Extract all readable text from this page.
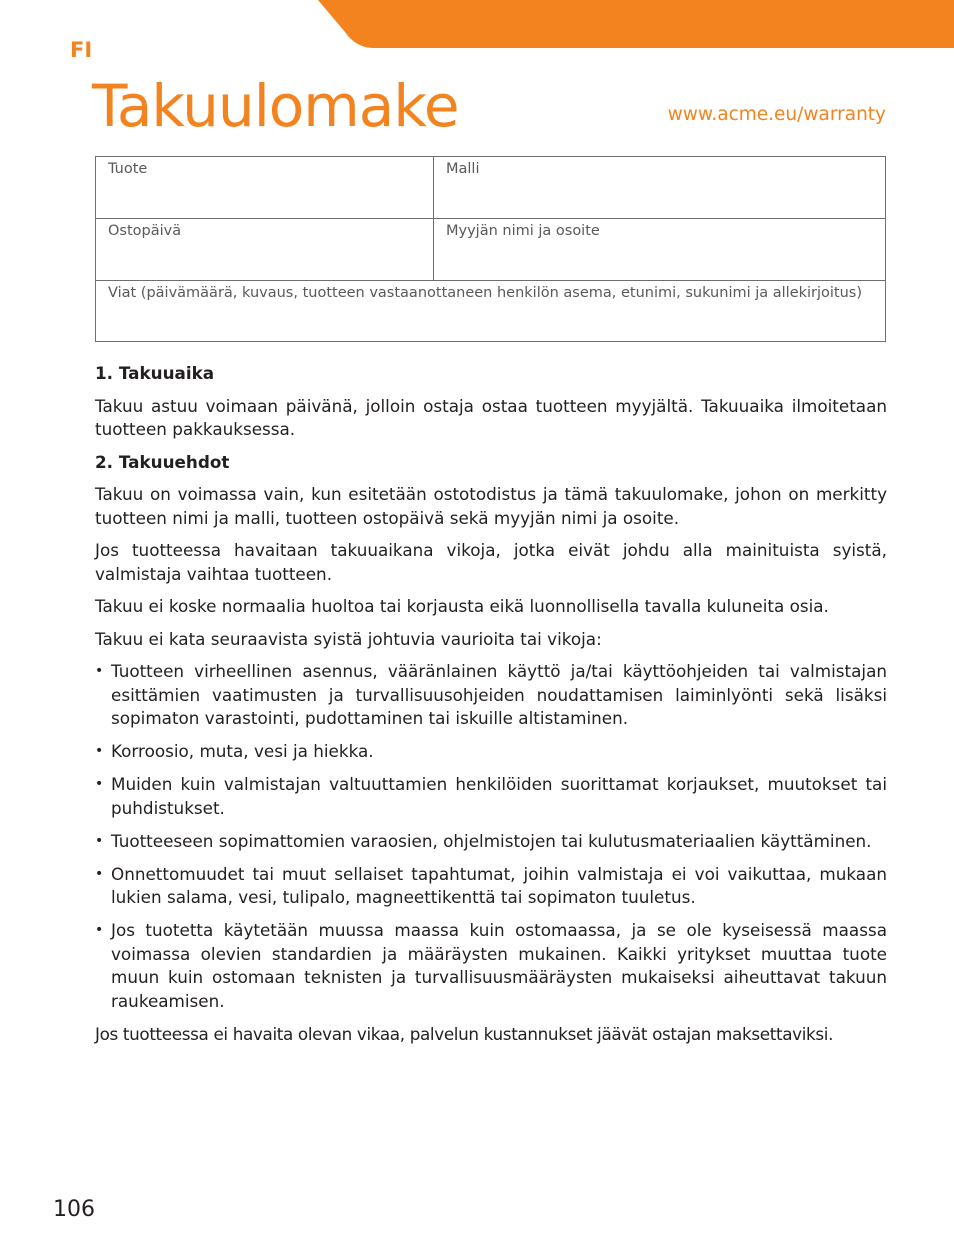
FI
Takuulomake	www.acme.eu/warranty
Tuote	Malli
Ostopäivä	Myyjän nimi ja osoite
Viat (päivämäärä, kuvaus, tuotteen vastaanottaneen henkilön asema, etunimi, sukunimi ja allekirjoitus)
1. Takuuaika

Takuu astuu voimaan päivänä, jolloin ostaja ostaa tuotteen myyjältä. Takuuaika ilmoitetaan tuotteen pakkauksessa.

2. Takuuehdot

Takuu on voimassa vain, kun esitetään ostotodistus ja tämä takuulomake, johon on merkitty tuotteen nimi ja malli, tuotteen ostopäivä sekä myyjän nimi ja osoite.

Jos tuotteessa havaitaan takuuaikana vikoja, jotka eivät johdu alla mainituista syistä, valmistaja vaihtaa tuotteen.

Takuu ei koske normaalia huoltoa tai korjausta eikä luonnollisella tavalla kuluneita osia.

Takuu ei kata seuraavista syistä johtuvia vaurioita tai vikoja:

• Tuotteen virheellinen asennus, vääränlainen käyttö ja/tai käyttöohjeiden tai valmistajan esittämien vaatimusten ja turvallisuusohjeiden noudattamisen laiminlyönti sekä lisäksi sopimaton varastointi, pudottaminen tai iskuille altistaminen.
• Korroosio, muta, vesi ja hiekka.
• Muiden kuin valmistajan valtuuttamien henkilöiden suorittamat korjaukset, muutokset tai puhdistukset.
• Tuotteeseen sopimattomien varaosien, ohjelmistojen tai kulutusmateriaalien käyttäminen.
• Onnettomuudet tai muut sellaiset tapahtumat, joihin valmistaja ei voi vaikuttaa, mukaan lukien salama, vesi, tulipalo, magneettikenttä tai sopimaton tuuletus.
• Jos tuotetta käytetään muussa maassa kuin ostomaassa, ja se ole kyseisessä maassa voimassa olevien standardien ja määräysten mukainen. Kaikki yritykset muuttaa tuote muun kuin ostomaan teknisten ja turvallisuusmääräysten mukaiseksi aiheuttavat takuun raukeamisen.

Jos tuotteessa ei havaita olevan vikaa, palvelun kustannukset jäävät ostajan maksettaviksi.

106
